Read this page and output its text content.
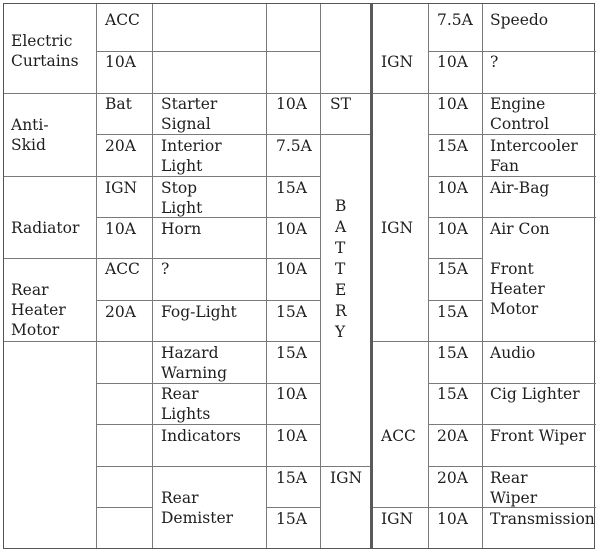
Electric
Curtains
Anti-
Skid
Radiator
Rear
Heater
Motor
ACC
10A
Bat
20A
IGN
10A
ACC
20A
Starter
Signal
Interior
Light
Stop
Light
Horn
?
Fog-Light
Hazard
Warning
Rear
Lights
Indicators
Rear
Demister
10A
7.5A
15A
10A
10A
15A
15A
10A
10A
15A
15A
ST
B
A
T
T
E
R
Y
IGN
IGN
IGN
ACC
IGN
7.5A
10A
10A
15A
10A
10A
15A
15A
15A
15A
20A
20A
10A
Speedo
?
Engine
Control
Intercooler
Fan
Air-Bag
Air Con
Front
Heater
Motor
Audio
Cig Lighter
Front Wiper
Rear
Wiper
Transmission
